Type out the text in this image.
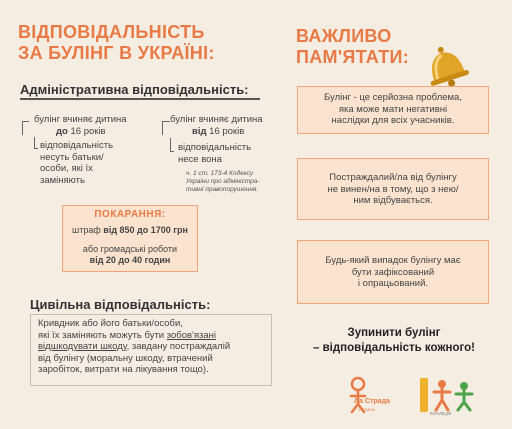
ВІДПОВІДАЛЬНІСТЬ
ЗА БУЛІНГ В УКРАЇНІ:
ВАЖЛИВО
ПАМ'ЯТАТИ:
Адміністративна відповідальність:
булінг вчиняє дитина
до 16 років
відповідальність
несуть батьки/
особи, які їх
заміняють
булінг вчиняє дитина
від 16 років
відповідальність
несе вона
ч. 1 ст. 173-4 Кодексу
України про адміністра-
тивні правопорушення.
ПОКАРАННЯ:
штраф від 850 до 1700 грн
або громадські роботи
від 20 до 40 годин
Цивільна відповідальність:
Кривдник або його батьки/особи,
які їх заміняють можуть бути зобов'язані
відшкодувати шкоду, завдану постраждалій
від булінгу (моральну шкоду, втрачений
заробіток, витрати на лікування тощо).
Булінг - це серйозна проблема,
яка може мати негативні
наслідки для всіх учасників.
Постраждалий/ла від булінгу
не винен/на в тому, що з нею/
ним відбувається.
Будь-який випадок булінгу має
бути зафіксований
і опрацьований.
Зупинити булінг
– відповідальність кожного!
Ла Страда
УКРАЇНА
КОАЛІЦІЯ
